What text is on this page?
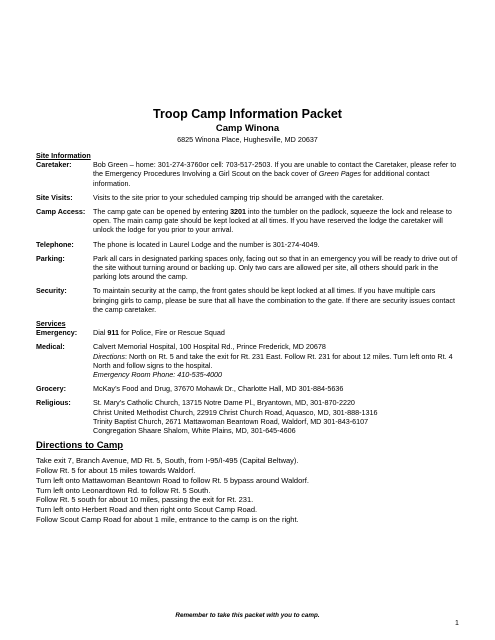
Troop Camp Information Packet
Camp Winona
6825 Winona Place, Hughesville, MD 20637
Site Information
Caretaker:	Bob Green – home: 301-274-3760or cell: 703-517-2503. If you are unable to contact the Caretaker, please refer to the Emergency Procedures Involving a Girl Scout on the back cover of Green Pages for additional contact information.
Site Visits:	Visits to the site prior to your scheduled camping trip should be arranged with the caretaker.
Camp Access:	The camp gate can be opened by entering 3201 into the tumbler on the padlock, squeeze the lock and release to open. The main camp gate should be kept locked at all times. If you have reserved the lodge the caretaker will unlock the lodge for you prior to your arrival.
Telephone:	The phone is located in Laurel Lodge and the number is 301-274-4049.
Parking:	Park all cars in designated parking spaces only, facing out so that in an emergency you will be ready to drive out of the site without turning around or backing up. Only two cars are allowed per site, all others should park in the parking lots around the camp.
Security:	To maintain security at the camp, the front gates should be kept locked at all times. If you have multiple cars bringing girls to camp, please be sure that all have the combination to the gate. If there are security issues contact the camp caretaker.
Services
Emergency:	Dial 911 for Police, Fire or Rescue Squad
Medical:	Calvert Memorial Hospital, 100 Hospital Rd., Prince Frederick, MD 20678
Directions: North on Rt. 5 and take the exit for Rt. 231 East. Follow Rt. 231 for about 12 miles. Turn left onto Rt. 4 North and follow signs to the hospital.
Emergency Room Phone: 410-535-4000
Grocery:	McKay’s Food and Drug, 37670 Mohawk Dr., Charlotte Hall, MD 301-884-5636
Religious:	St. Mary’s Catholic Church, 13715 Notre Dame Pl., Bryantown, MD, 301-870-2220
Christ United Methodist Church, 22919 Christ Church Road, Aquasco, MD, 301-888-1316
Trinity Baptist Church, 2671 Mattawoman Beantown Road, Waldorf, MD 301-843-6107
Congregation Shaare Shalom, White Plains, MD, 301-645-4606
Directions to Camp
Take exit 7, Branch Avenue, MD Rt. 5, South, from I-95/I-495 (Capital Beltway).
Follow Rt. 5 for about 15 miles towards Waldorf.
Turn left onto Mattawoman Beantown Road to follow Rt. 5 bypass around Waldorf.
Turn left onto Leonardtown Rd. to follow Rt. 5 South.
Follow Rt. 5 south for about 10 miles, passing the exit for Rt. 231.
Turn left onto Herbert Road and then right onto Scout Camp Road.
Follow Scout Camp Road for about 1 mile, entrance to the camp is on the right.
Remember to take this packet with you to camp.
1
